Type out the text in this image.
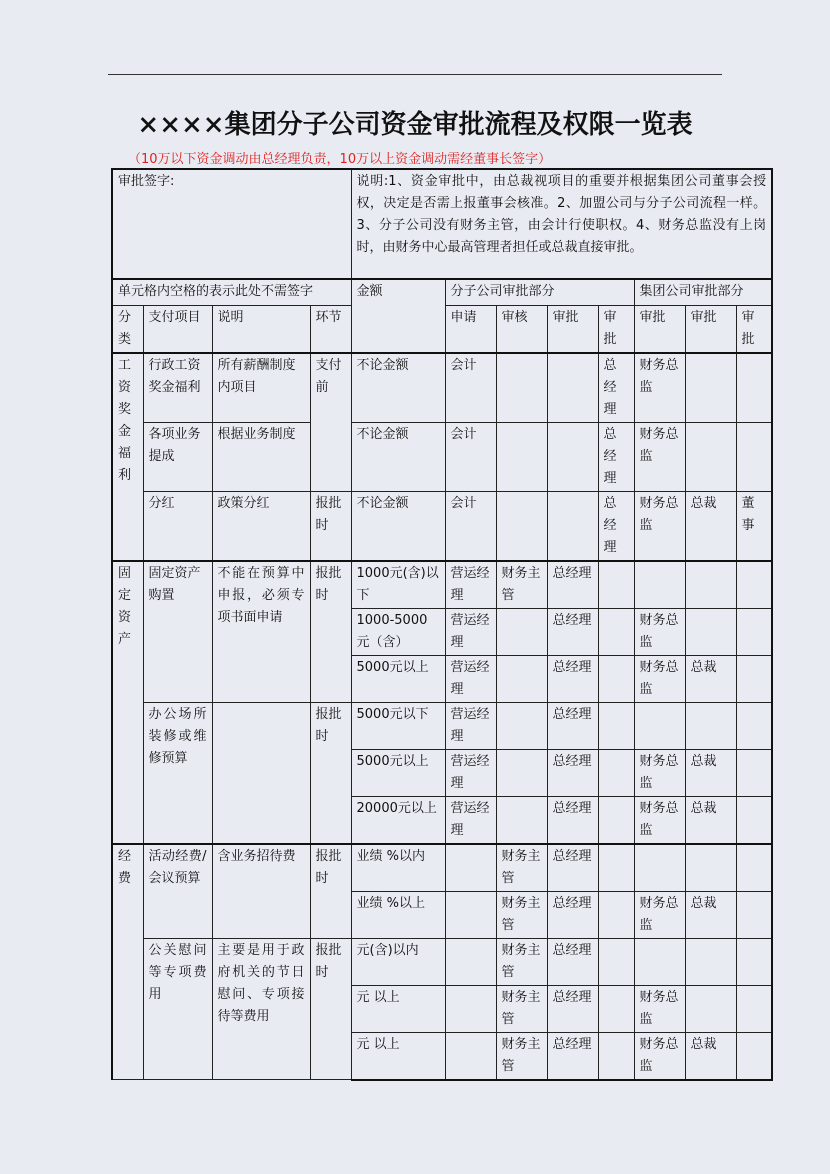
××××集团分子公司资金审批流程及权限一览表

（10万以下资金调动由总经理负责，10万以上资金调动需经董事长签字）

审批签字:				说明:1、资金审批中，由总裁视项目的重要并根据集团公司董事会授权，决定是否需上报董事会核准。2、加盟公司与分子公司流程一样。3、分子公司没有财务主管，由会计行使职权。4、财务总监没有上岗时，由财务中心最高管理者担任或总裁直接审批。							
单元格内空格的表示此处不需签字				金额	分子公司审批部分				集团公司审批部分		
分类	支付项目	说明	环节		申请	审核	审批	审批	审批	审批	审批
工资奖金福利	行政工资奖金福利	所有薪酬制度内项目	支付前	不论金额	会计			总经理	财务总监		
	各项业务提成	根据业务制度		不论金额	会计			总经理	财务总监		
	分红	政策分红	报批时	不论金额	会计			总经理	财务总监	总裁	董事
固定资产	固定资产购置	不能在预算中申报，必须专项书面申请	报批时	1000元(含)以下	营运经理	财务主管	总经理				
				1000-5000元（含）	营运经理		总经理		财务总监		
				5000元以上	营运经理		总经理		财务总监	总裁	
	办公场所装修或维修预算		报批时	5000元以下	营运经理		总经理				
				5000元以上	营运经理		总经理		财务总监	总裁	
				20000元以上	营运经理		总经理		财务总监	总裁	
经费	活动经费/会议预算	含业务招待费	报批时	业绩 %以内		财务主管	总经理				
				业绩 %以上		财务主管	总经理		财务总监	总裁	
	公关慰问等专项费用	主要是用于政府机关的节日慰问、专项接待等费用	报批时	元(含)以内		财务主管	总经理				
				元 以上		财务主管	总经理		财务总监		
				元 以上		财务主管	总经理		财务总监	总裁	
